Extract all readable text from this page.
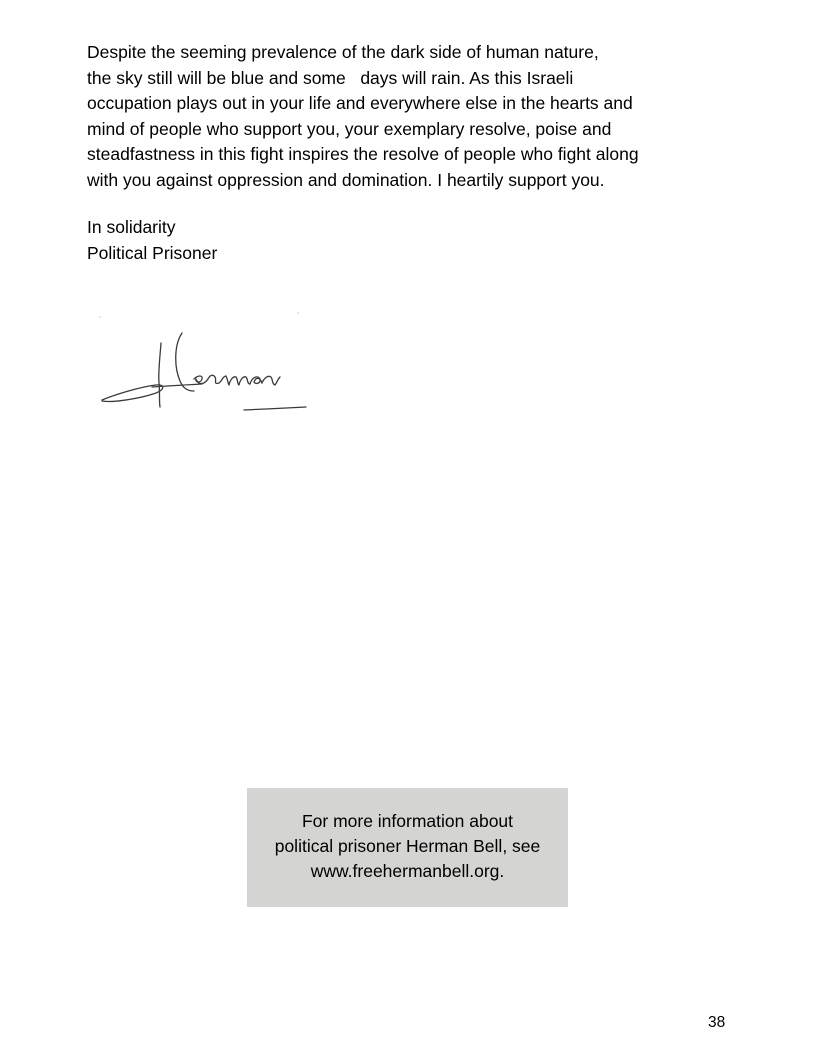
Despite the seeming prevalence of the dark side of human nature,
the sky still will be blue and some   days will rain. As this Israeli
occupation plays out in your life and everywhere else in the hearts and
mind of people who support you, your exemplary resolve, poise and
steadfastness in this fight inspires the resolve of people who fight along
with you against oppression and domination. I heartily support you.
In solidarity
Political Prisoner
For more information about
political prisoner Herman Bell, see
www.freehermanbell.org.
38
